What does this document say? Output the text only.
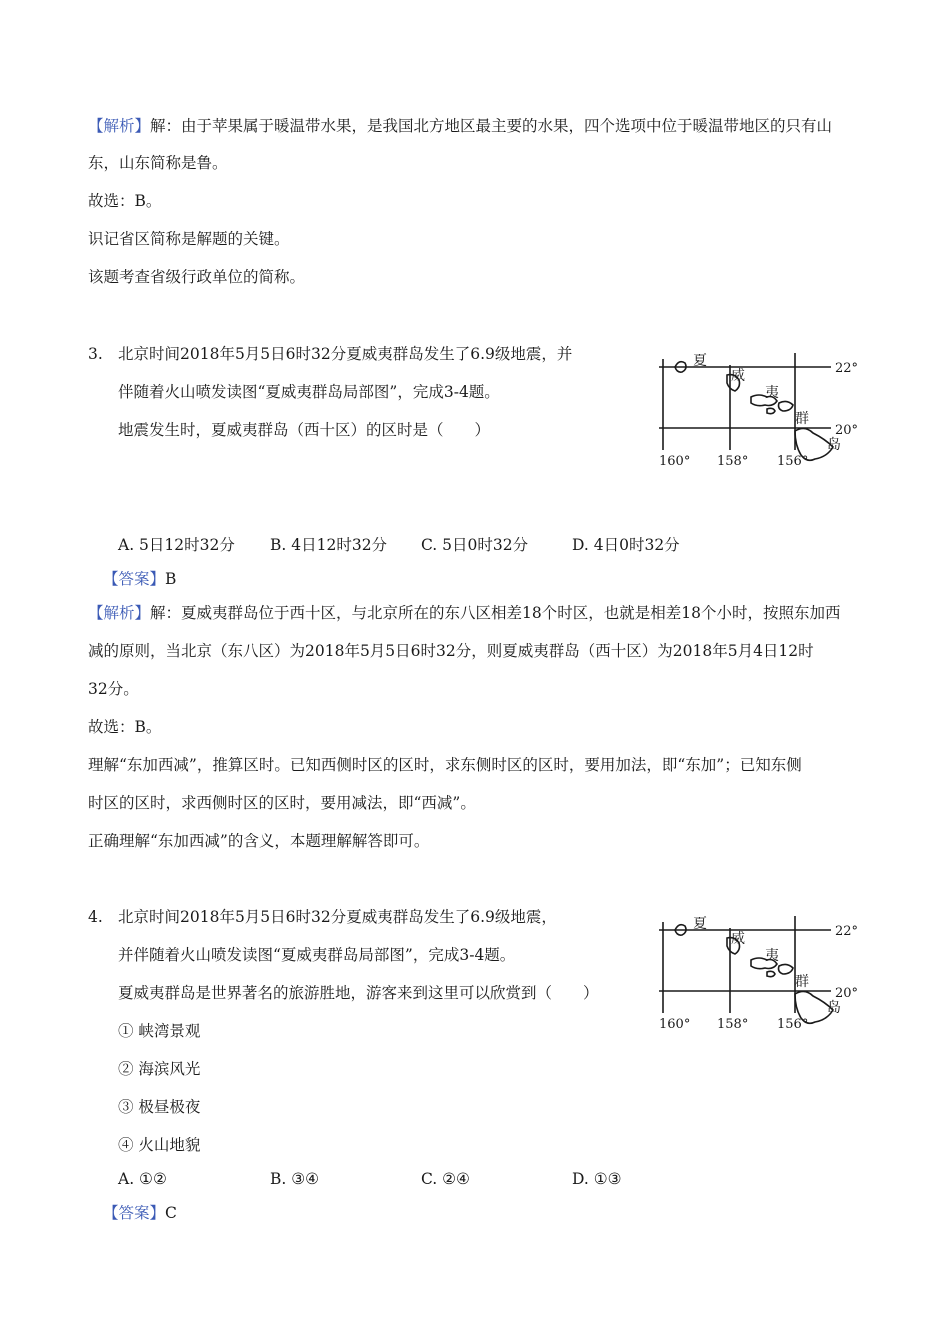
【解析】解：由于苹果属于暖温带水果，是我国北方地区最主要的水果，四个选项中位于暖温带地区的只有山
东，山东简称是鲁。
故选：B。
识记省区简称是解题的关键。
该题考查省级行政单位的简称。
3. 北京时间2018年5月5日6时32分夏威夷群岛发生了6.9级地震，并
伴随着火山喷发读图“夏威夷群岛局部图”，完成3-4题。
地震发生时，夏威夷群岛（西十区）的区时是（　　）
夏
威
夷
群
岛
22°
20°
160° 158° 156°
A. 5日12时32分 B. 4日12时32分 C. 5日0时32分	D. 4日0时32分
【答案】B
【解析】解：夏威夷群岛位于西十区，与北京所在的东八区相差18个时区，也就是相差18个小时，按照东加西
减的原则，当北京（东八区）为2018年5月5日6时32分，则夏威夷群岛（西十区）为2018年5月4日12时
32分。
故选：B。
理解“东加西减”，推算区时。已知西侧时区的区时，求东侧时区的区时，要用加法，即“东加”；已知东侧
时区的区时，求西侧时区的区时，要用减法，即“西减”。
正确理解“东加西减”的含义，本题理解解答即可。
4. 北京时间2018年5月5日6时32分夏威夷群岛发生了6.9级地震，
并伴随着火山喷发读图“夏威夷群岛局部图”，完成3-4题。
夏威夷群岛是世界著名的旅游胜地，游客来到这里可以欣赏到（　　）
夏
威
夷
群
岛
22°
20°
160° 158° 156°
① 峡湾景观
② 海滨风光
③ 极昼极夜
④ 火山地貌
A. ①②	B. ③④	C. ②④	D. ①③
【答案】C
